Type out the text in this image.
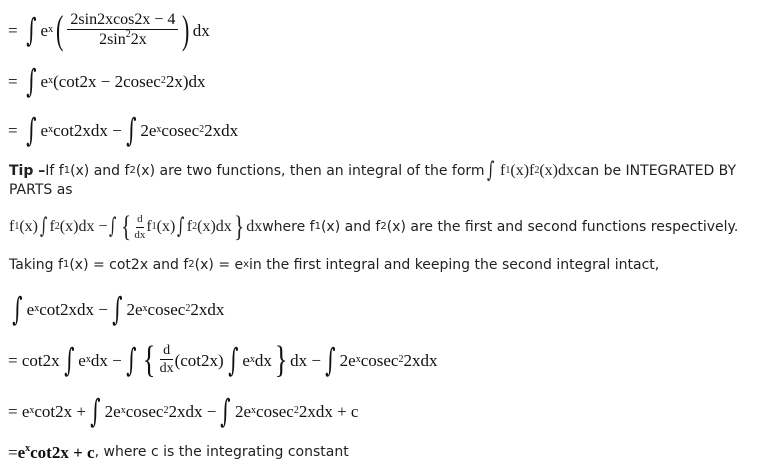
=
∫ e x ( $\frac{2\sin 2xcos2x - 4}{2\sin^22x}$ ) dx
=
∫ e x (cot2x − 2cosec 2 2x)dx
=
∫ e x cot2xdx − ∫ 2e x cosec 2 2xdx
Tip – If f 1 (x) and f 2 (x) are two functions, then an integral of the form ∫
f 1 (x)f 2 (x)dx can be INTEGRATED BY
PARTS as
f 1 (x) ∫ f 2 (x)dx − ∫ { $\frac{d}{dx}$ f 1 (x) ∫ f 2 (x)dx } dx where f 1 (x) and f 2 (x) are the first and second functions respectively.
Taking f 1 (x) = cot2x and f 2 (x) = e x in the first integral and keeping the second integral intact,
∫ e x cot2xdx − ∫ 2e x cosec 2 2xdx
= cot2x ∫ e x dx − ∫ { $\frac{d}{dx} (\cot 2x)$ ∫ e x dx } dx − ∫ 2e x cosec 2 2xdx
= e x cot2x + ∫ 2e x cosec 2 2xdx − ∫ 2e x cosec 2 2xdx + c
= $e^x\cot 2x + c$ , where c is the integrating constant
